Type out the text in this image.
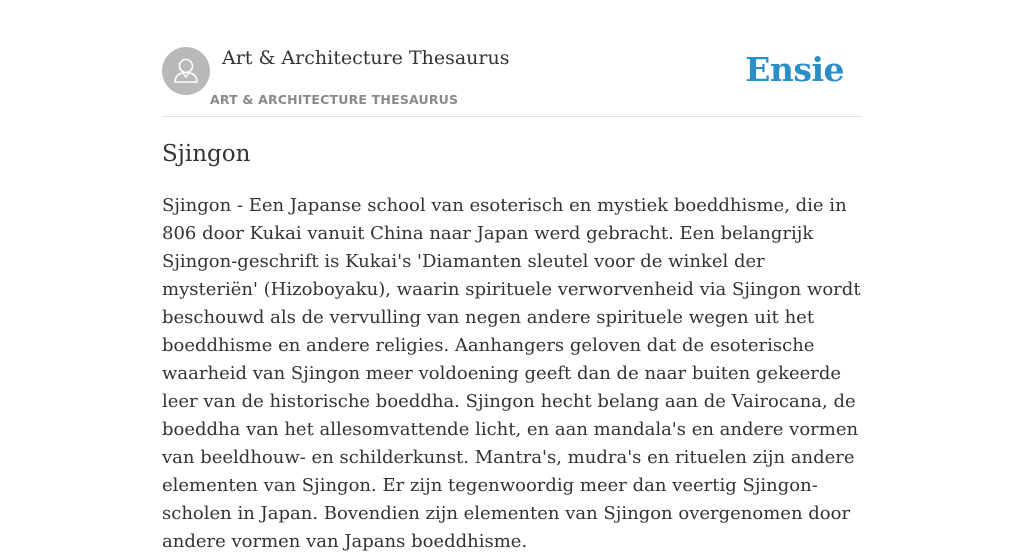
Art & Architecture Thesaurus
ART & ARCHITECTURE THESAURUS
Ensie
Sjingon

Sjingon - Een Japanse school van esoterisch en mystiek boeddhisme, die in 806 door Kukai vanuit China naar Japan werd gebracht. Een belangrijk Sjingon-geschrift is Kukai's 'Diamanten sleutel voor de winkel der mysteriën' (Hizoboyaku), waarin spirituele verworvenheid via Sjingon wordt beschouwd als de vervulling van negen andere spirituele wegen uit het boeddhisme en andere religies. Aanhangers geloven dat de esoterische waarheid van Sjingon meer voldoening geeft dan de naar buiten gekeerde leer van de historische boeddha. Sjingon hecht belang aan de Vairocana, de boeddha van het allesomvattende licht, en aan mandala's en andere vormen van beeldhouw- en schilderkunst. Mantra's, mudra's en rituelen zijn andere elementen van Sjingon. Er zijn tegenwoordig meer dan veertig Sjingon-scholen in Japan. Bovendien zijn elementen van Sjingon overgenomen door andere vormen van Japans boeddhisme.
